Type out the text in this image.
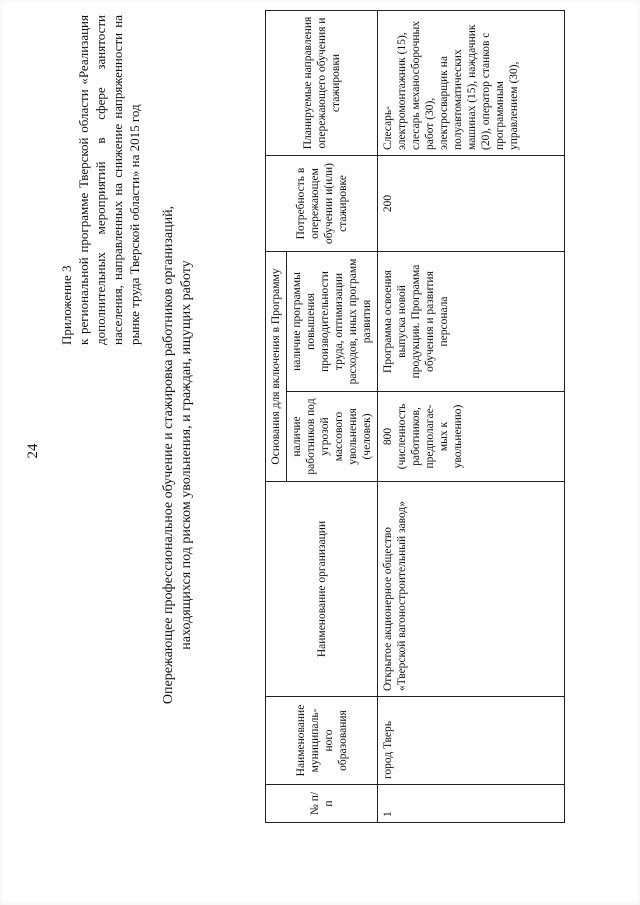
24

Приложение 3 к региональной программе Тверской области «Реализация дополнительных мероприятий в сфере занятости населения, направленных на снижение напряженности на рынке труда Тверской области» на 2015 год Опережающее профессиональное обучение и стажировка работников организаций, находящихся под риском увольнения, и граждан, ищущих работу

№ п/п	Наименование муниципаль-ного образования	Наименование организации	Основания для включения в Программу		Потребность в опережающем обучении и(или) стажировке	Планируемые направления опережающего обучения и стажировки
			наличие работников под угрозой массового увольнения (человек)	наличие программы повышения производительности труда, оптимизации расходов, иных программ развития		
1	город Тверь	Открытое акционерное общество «Тверской вагоностроительный завод»	800 (численность работников, предполагае-мых к увольнению)	Программа освоения выпуска новой продукции. Программа обучения и развития персонала	200	Слесарь-электромонтажник (15), слесарь механосборочных работ (30), электросварщик на полуавтоматических машинах (15), наждачник (20), оператор станков с программным управлением (30),
